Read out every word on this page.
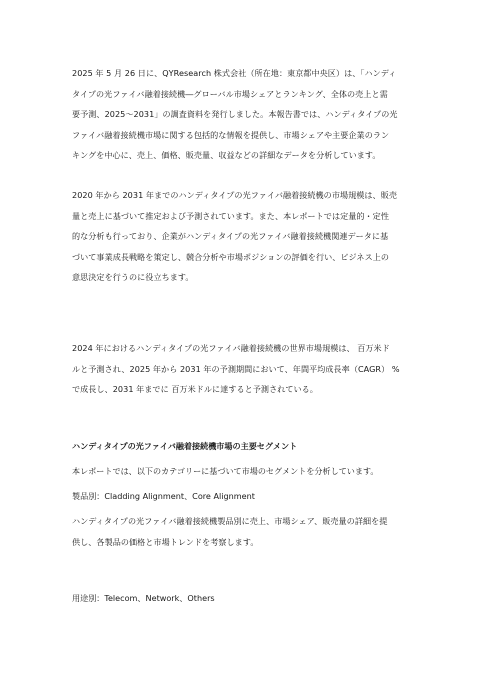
2025 年 5 月 26 日に、QYResearch 株式会社（所在地：東京都中央区）は、「ハンディ
タイプの光ファイバ融着接続機―グローバル市場シェアとランキング、全体の売上と需
要予測、2025〜2031」の調査資料を発行しました。本報告書では、ハンディタイプの光
ファイバ融着接続機市場に関する包括的な情報を提供し、市場シェアや主要企業のラン
キングを中心に、売上、価格、販売量、収益などの詳細なデータを分析しています。
2020 年から 2031 年までのハンディタイプの光ファイバ融着接続機の市場規模は、販売
量と売上に基づいて推定および予測されています。また、本レポートでは定量的・定性
的な分析も行っており、企業がハンディタイプの光ファイバ融着接続機関連データに基
づいて事業成長戦略を策定し、競合分析や市場ポジションの評価を行い、ビジネス上の
意思決定を行うのに役立ちます。
2024 年におけるハンディタイプの光ファイバ融着接続機の世界市場規模は、 百万米ド
ルと予測され、2025 年から 2031 年の予測期間において、年間平均成長率（CAGR） %
で成長し、2031 年までに 百万米ドルに達すると予測されている。
ハンディタイプの光ファイバ融着接続機市場の主要セグメント
本レポートでは、以下のカテゴリーに基づいて市場のセグメントを分析しています。
製品別：Cladding Alignment、Core Alignment
ハンディタイプの光ファイバ融着接続機製品別に売上、市場シェア、販売量の詳細を提
供し、各製品の価格と市場トレンドを考察します。
用途別：Telecom、Network、Others
